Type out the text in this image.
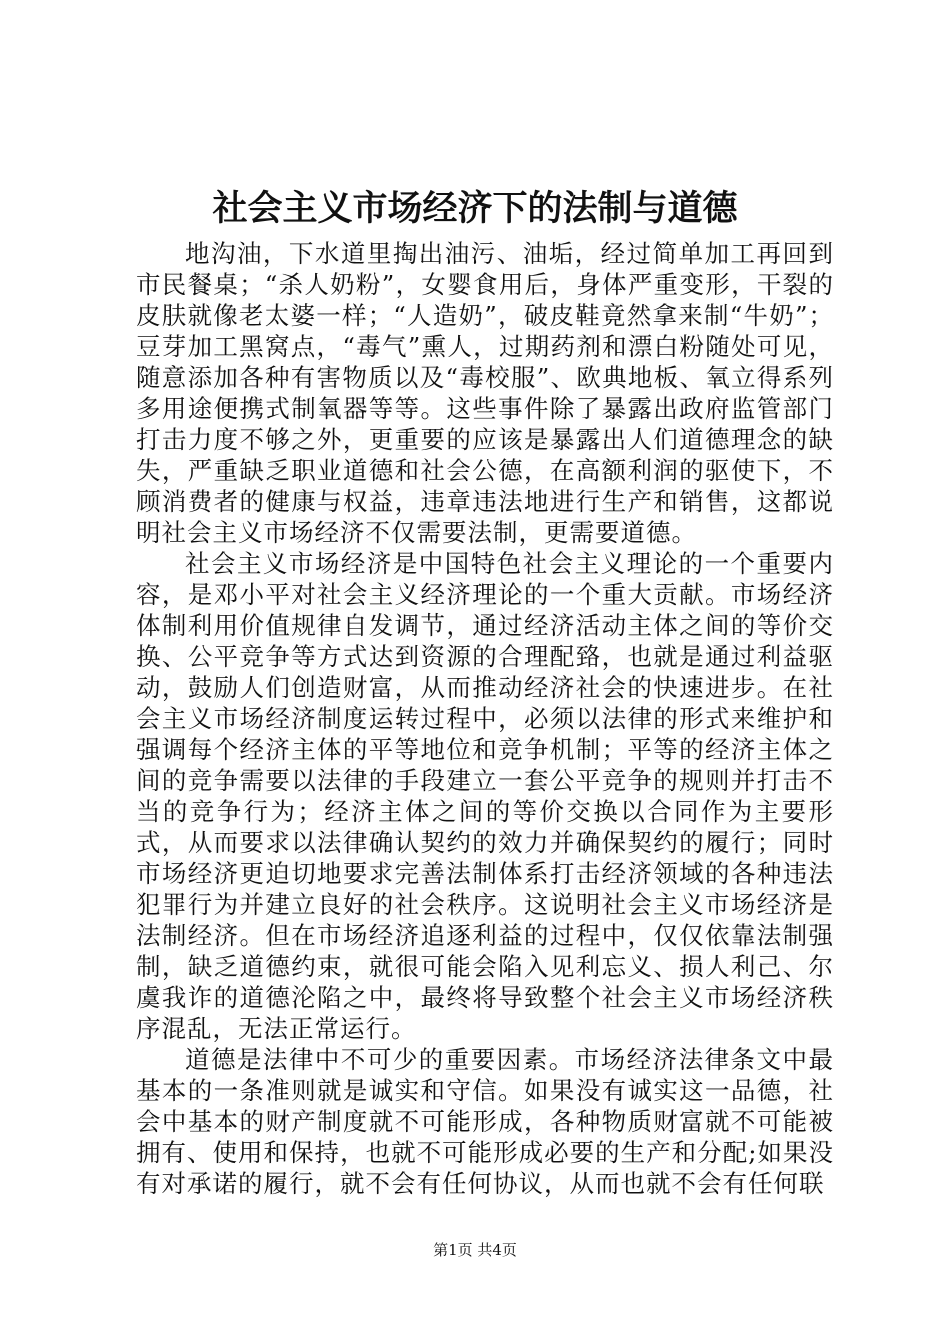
社会主义市场经济下的法制与道德

地沟油，下水道里掏出油污、油垢，经过简单加工再回到市民餐桌；“杀人奶粉”，女婴食用后，身体严重变形，干裂的皮肤就像老太婆一样；“人造奶”，破皮鞋竟然拿来制“牛奶”；豆芽加工黑窝点，“毒气”熏人，过期药剂和漂白粉随处可见，随意添加各种有害物质以及“毒校服”、欧典地板、氧立得系列多用途便携式制氧器等等。这些事件除了暴露出政府监管部门打击力度不够之外，更重要的应该是暴露出人们道德理念的缺失，严重缺乏职业道德和社会公德，在高额利润的驱使下，不顾消费者的健康与权益，违章违法地进行生产和销售，这都说明社会主义市场经济不仅需要法制，更需要道德。

社会主义市场经济是中国特色社会主义理论的一个重要内容，是邓小平对社会主义经济理论的一个重大贡献。市场经济体制利用价值规律自发调节，通过经济活动主体之间的等价交换、公平竞争等方式达到资源的合理配臵，也就是通过利益驱动，鼓励人们创造财富，从而推动经济社会的快速进步。在社会主义市场经济制度运转过程中，必须以法律的形式来维护和强调每个经济主体的平等地位和竞争机制；平等的经济主体之间的竞争需要以法律的手段建立一套公平竞争的规则并打击不当的竞争行为；经济主体之间的等价交换以合同作为主要形式，从而要求以法律确认契约的效力并确保契约的履行；同时市场经济更迫切地要求完善法制体系打击经济领域的各种违法犯罪行为并建立良好的社会秩序。这说明社会主义市场经济是法制经济。但在市场经济追逐利益的过程中，仅仅依靠法制强制，缺乏道德约束，就很可能会陷入见利忘义、损人利己、尔虞我诈的道德沦陷之中，最终将导致整个社会主义市场经济秩序混乱，无法正常运行。

道德是法律中不可少的重要因素。市场经济法律条文中最基本的一条准则就是诚实和守信。如果没有诚实这一品德，社会中基本的财产制度就不可能形成，各种物质财富就不可能被拥有、使用和保持，也就不可能形成必要的生产和分配;如果没有对承诺的履行，就不会有任何协议，从而也就不会有任何联

第1页 共4页
